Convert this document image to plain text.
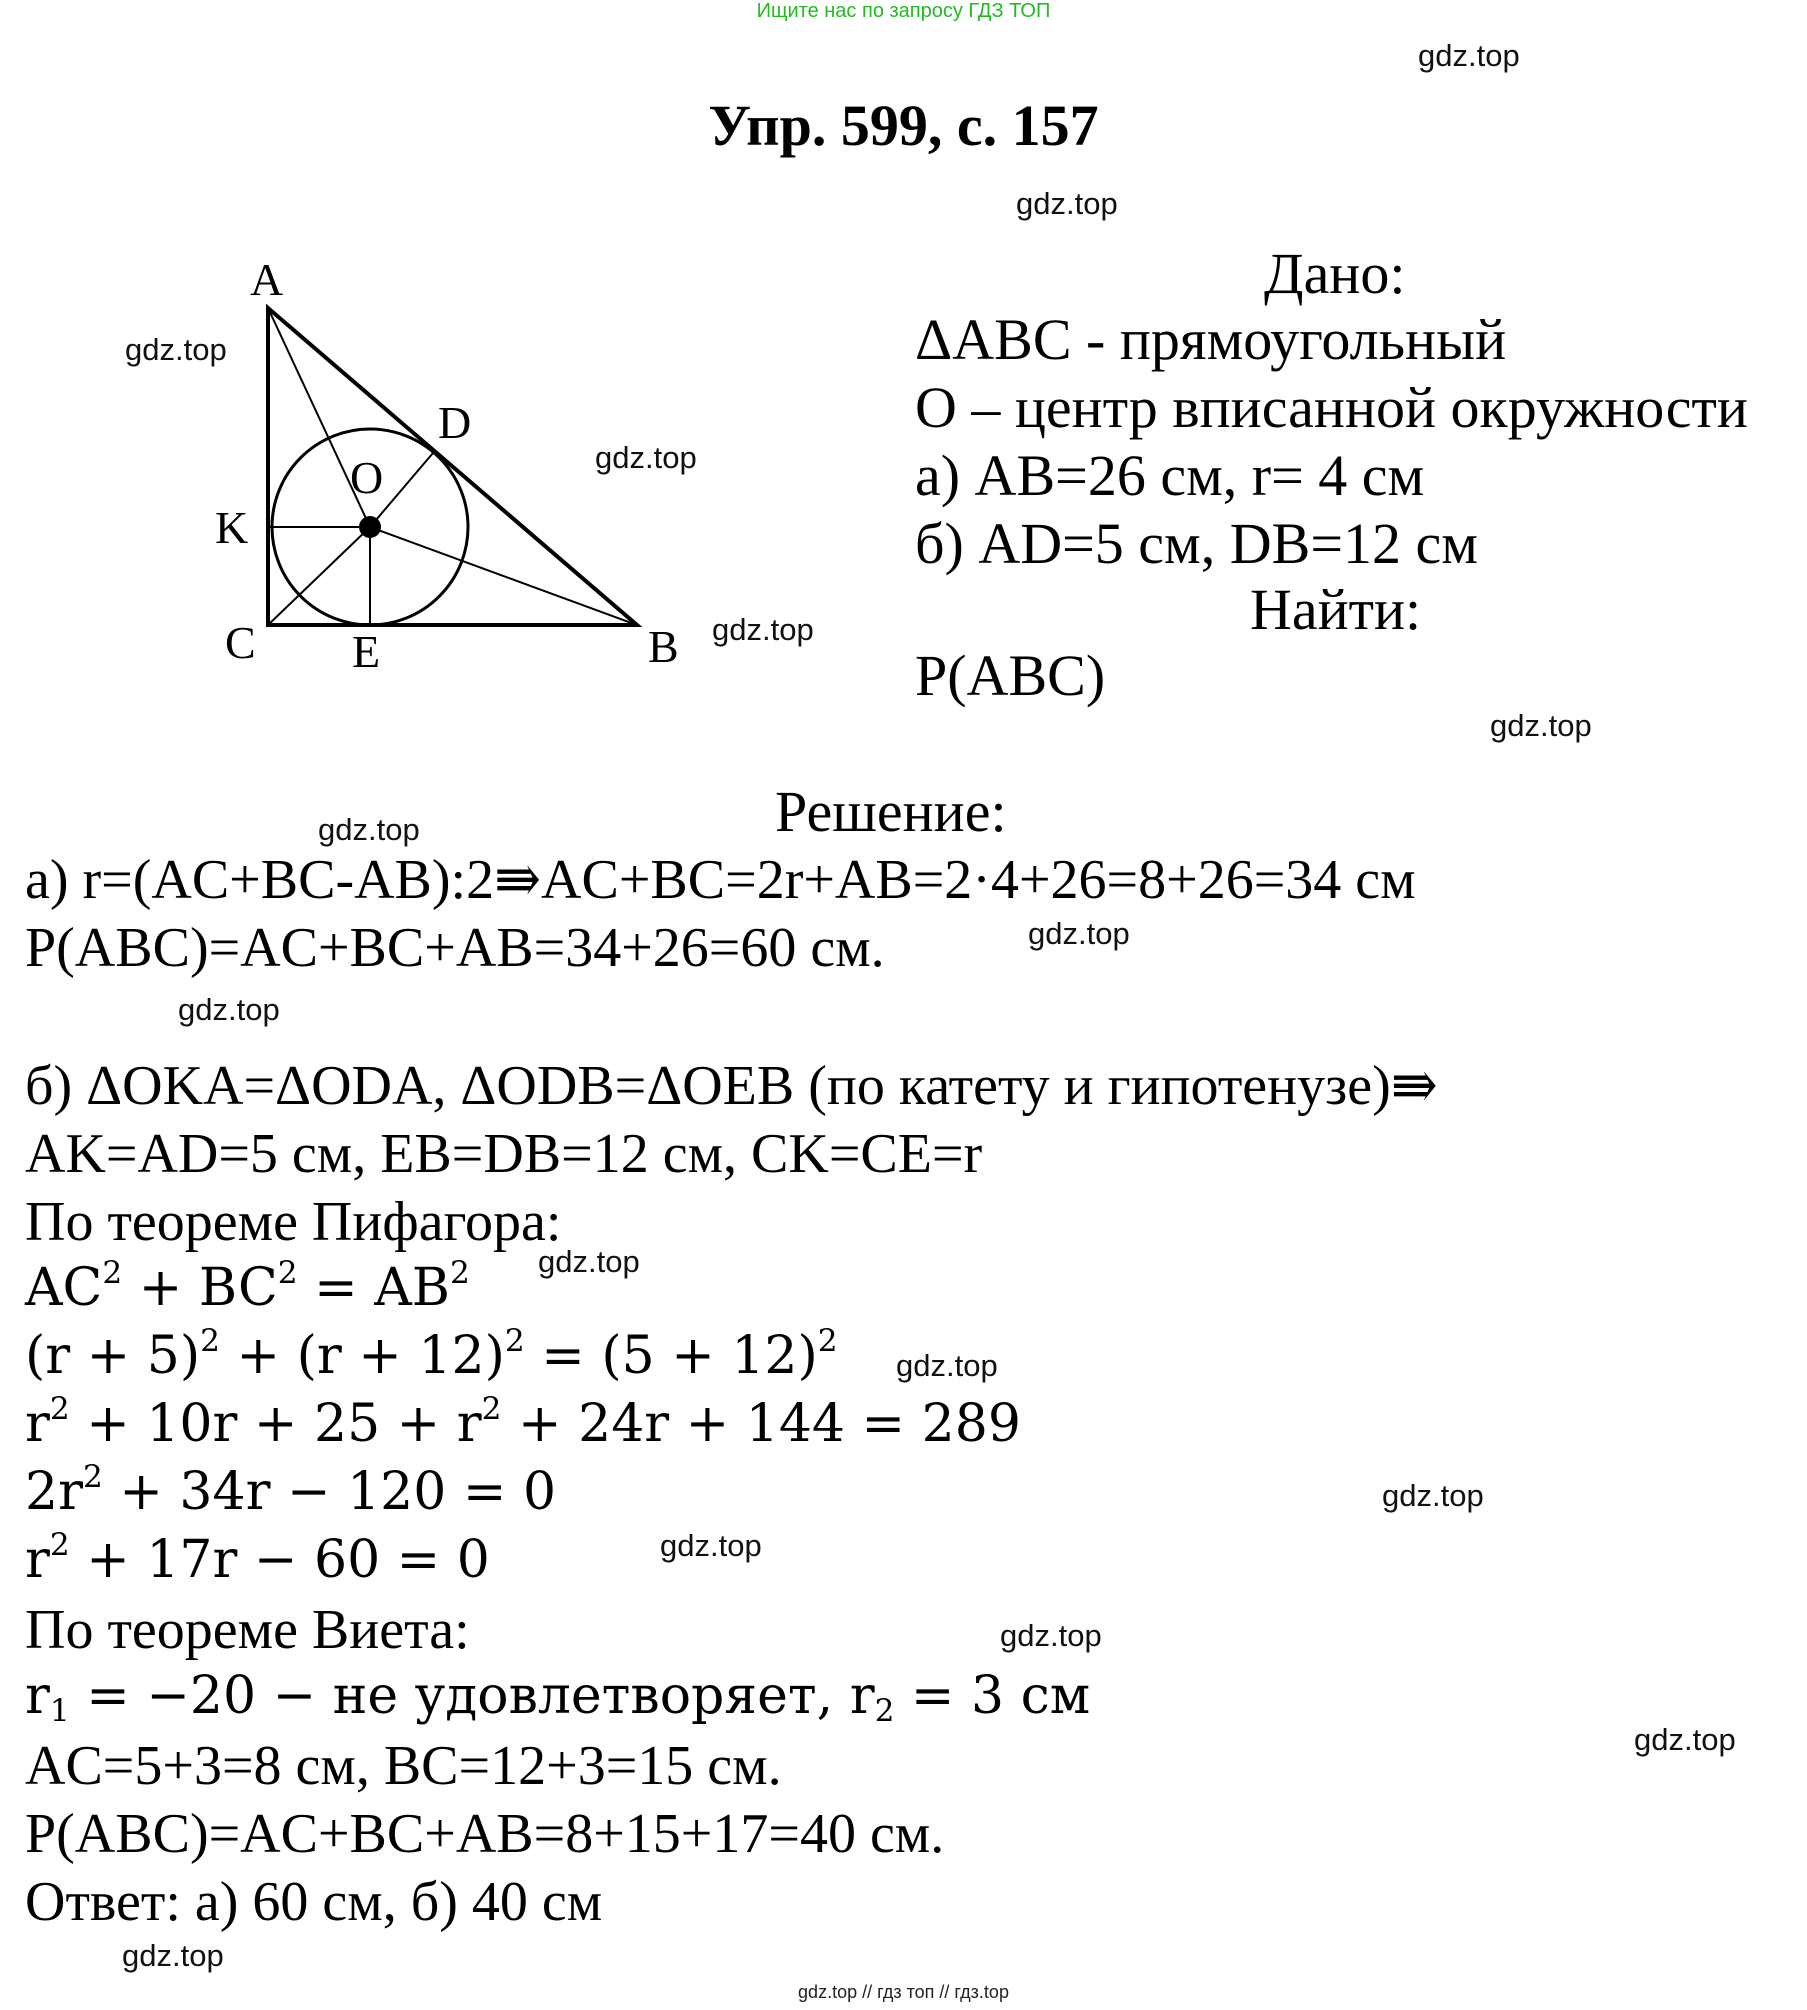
Ищите нас по запросу ГДЗ ТОП
Упр. 599, с. 157
A
B
C
D
E
K
O
Дано:
ΔABC - прямоугольный
O – центр вписанной окружности
а) AB=26 см, r= 4 см
б) AD=5 см, DB=12 см
Найти:
P(ABC)
Решение:
а) r=(AC+BC-AB):2⇛AC+BC=2r+AB=2·4+26=8+26=34 см
P(ABC)=AC+BC+AB=34+26=60 см.
б) ΔOKA=ΔODA, ΔODB=ΔOEB (по катету и гипотенузе)⇛
AK=AD=5 см, EB=DB=12 см, CK=CE=r
По теореме Пифагора:
$AC^2 + BC^2 = AB^2$
$(r + 5)^2 + (r + 12)^2 = (5 + 12)^2$
$r^2 + 10r + 25 + r^2 + 24r + 144 = 289$
$2r^2 + 34r - 120 = 0$
$r^2 + 17r - 60 = 0$
По теореме Виета:
$r_1 = -20$ − не удовлетворяет, $r_2 = 3$ см
AC=5+3=8 см, BC=12+3=15 см.
P(ABC)=AC+BC+AB=8+15+17=40 см.
Ответ: а) 60 см, б) 40 см
gdz.top
gdz.top
gdz.top
gdz.top
gdz.top
gdz.top
gdz.top
gdz.top
gdz.top
gdz.top
gdz.top
gdz.top
gdz.top
gdz.top
gdz.top
gdz.top
gdz.top // гдз топ // гдз.top
